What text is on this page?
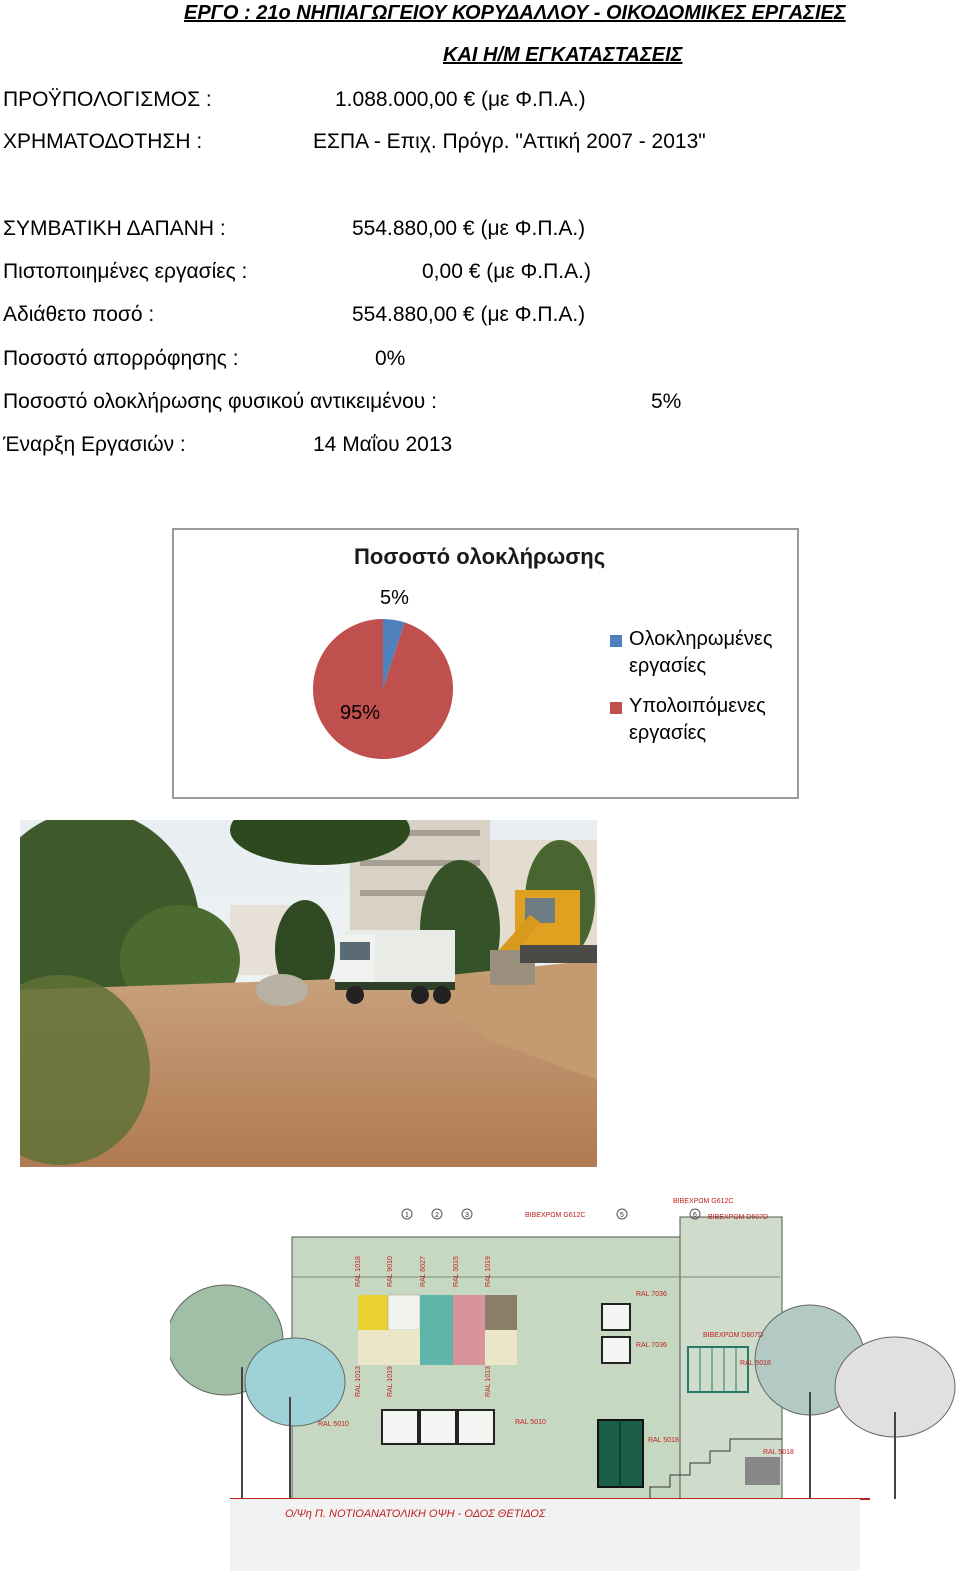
ΕΡΓΟ : 21ο ΝΗΠΙΑΓΩΓΕΙΟΥ ΚΟΡΥΔΑΛΛΟΥ - ΟΙΚΟΔΟΜΙΚΕΣ ΕΡΓΑΣΙΕΣ
ΚΑΙ Η/Μ ΕΓΚΑΤΑΣΤΑΣΕΙΣ
ΠΡΟΫΠΟΛΟΓΙΣΜΟΣ :	1.088.000,00 € (με Φ.Π.Α.)
ΧΡΗΜΑΤΟΔΟΤΗΣΗ :	ΕΣΠΑ - Επιχ. Πρόγρ. "Αττική 2007 - 2013"
ΣΥΜΒΑΤΙΚΗ ΔΑΠΑΝΗ :	554.880,00 € (με Φ.Π.Α.)
Πιστοποιημένες εργασίες :	0,00 € (με Φ.Π.Α.)
Αδιάθετο ποσό :	554.880,00 € (με Φ.Π.Α.)
Ποσοστό απορρόφησης :	0%
Ποσοστό ολοκλήρωσης φυσικού αντικειμένου :	5%
Έναρξη Εργασιών :	14 Μαΐου 2013
Ποσοστό ολοκλήρωσης
5%
95%
Ολοκληρωμένες εργασίες
Υπολοιπόμενες εργασίες
1	2	3	5	6
ΒΙΒΕΧΡΩΜ G612C
ΒΙΒΕΧΡΩΜ G612C
ΒΙΒΕΧΡΩΜ D607D
ΒΙΒΕΧΡΩΜ D607D
RAL 7036
RAL 7036
RAL 5018
RAL 5018
RAL 5018
RAL 5010	RAL 5010
RAL 1018	RAL 9010	RAL 6027	RAL 3015	RAL 1019
RAL 1013	RAL 1019	RAL 1013
Ο/Ψη Π. ΝΟΤΙΟΑΝΑΤΟΛΙΚΗ ΟΨΗ - ΟΔΟΣ ΘΕΤΙΔΟΣ
